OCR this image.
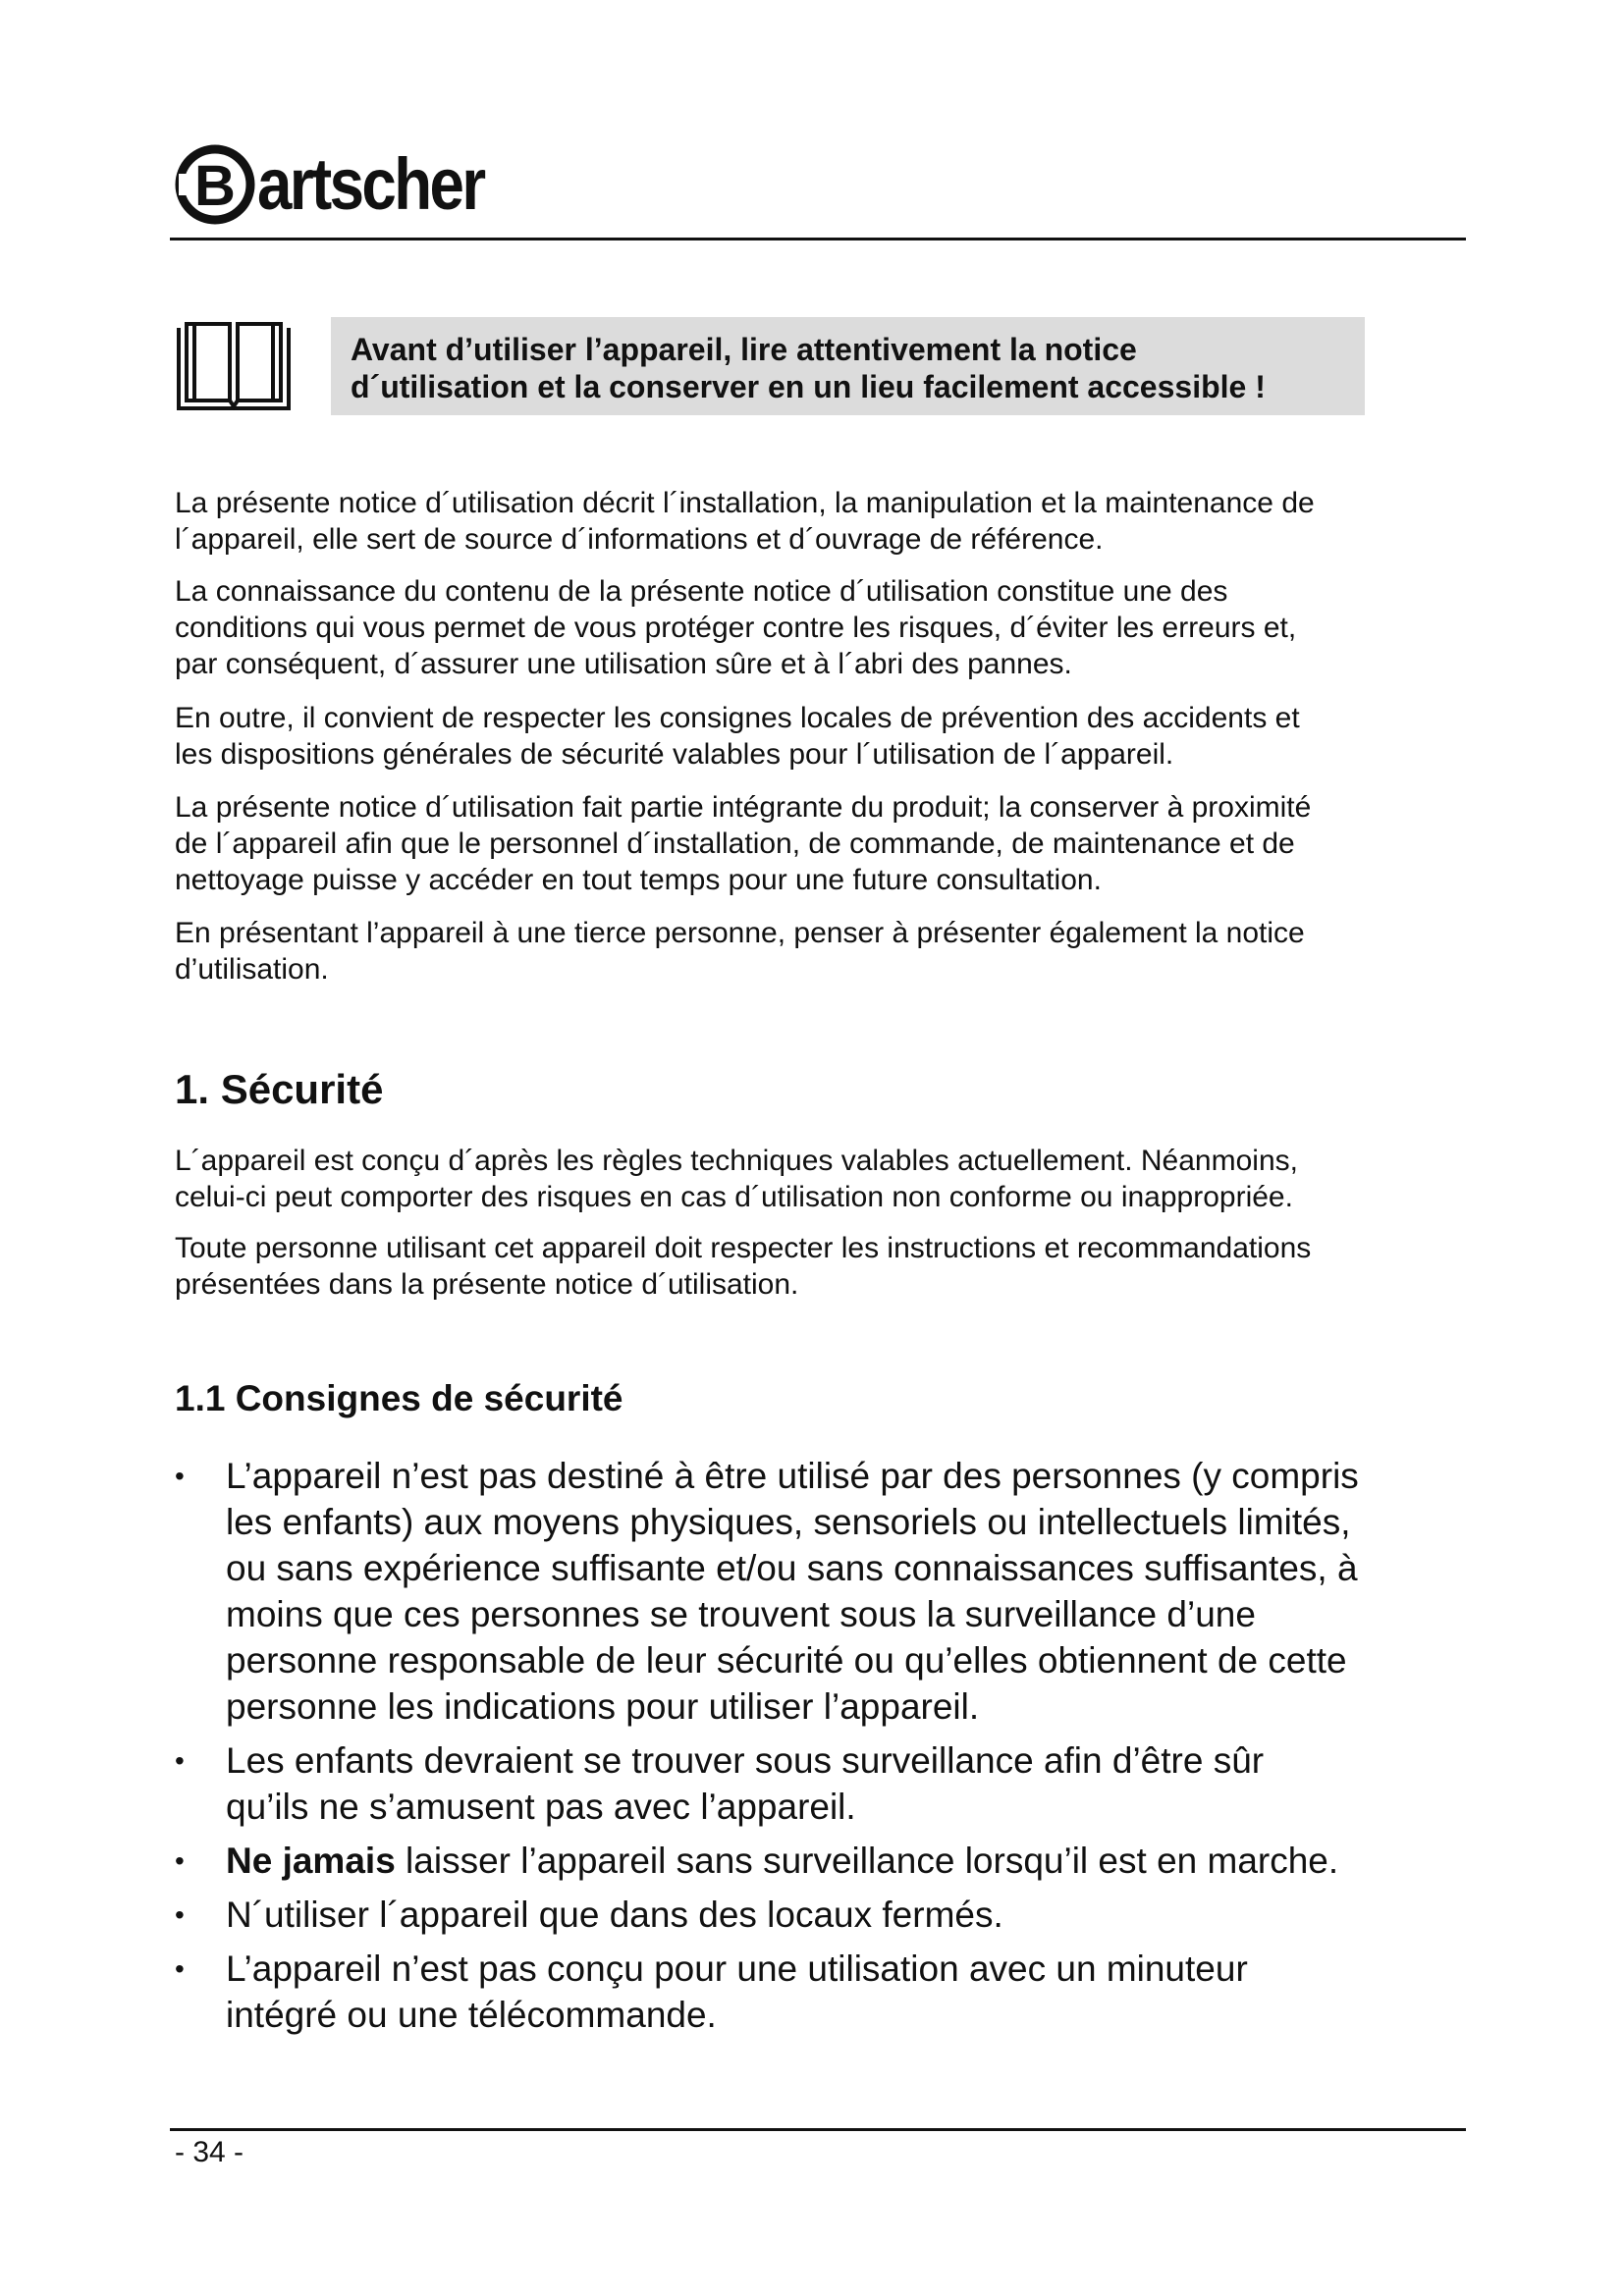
B artscher

Avant d’utiliser l’appareil, lire attentivement la notice

d´utilisation et la conserver en un lieu facilement accessible !

La présente notice d´utilisation décrit l´installation, la manipulation et la maintenance de
l´appareil, elle sert de source d´informations et d´ouvrage de référence.
La connaissance du contenu de la présente notice d´utilisation constitue une des
conditions qui vous permet de vous protéger contre les risques, d´éviter les erreurs et,
par conséquent, d´assurer une utilisation sûre et à l´abri des pannes.
En outre, il convient de respecter les consignes locales de prévention des accidents et
les dispositions générales de sécurité valables pour l´utilisation de l´appareil.
La présente notice d´utilisation fait partie intégrante du produit; la conserver à proximité
de l´appareil afin que le personnel d´installation, de commande, de maintenance et de
nettoyage puisse y accéder en tout temps pour une future consultation.
En présentant l’appareil à une tierce personne, penser à présenter également la notice
d’utilisation.
1. Sécurité
L´appareil est conçu d´après les règles techniques valables actuellement. Néanmoins,
celui-ci peut comporter des risques en cas d´utilisation non conforme ou inappropriée.
Toute personne utilisant cet appareil doit respecter les instructions et recommandations
présentées dans la présente notice d´utilisation.
1.1 Consignes de sécurité
• L’appareil n’est pas destiné à être utilisé par des personnes (y compris
les enfants) aux moyens physiques, sensoriels ou intellectuels limités,
ou sans expérience suffisante et/ou sans connaissances suffisantes, à
moins que ces personnes se trouvent sous la surveillance d’une
personne responsable de leur sécurité ou qu’elles obtiennent de cette
personne les indications pour utiliser l’appareil.
• Les enfants devraient se trouver sous surveillance afin d’être sûr
qu’ils ne s’amusent pas avec l’appareil.
• Ne jamais laisser l’appareil sans surveillance lorsqu’il est en marche.
• N´utiliser l´appareil que dans des locaux fermés.
• L’appareil n’est pas conçu pour une utilisation avec un minuteur
intégré ou une télécommande.

- 34 -
